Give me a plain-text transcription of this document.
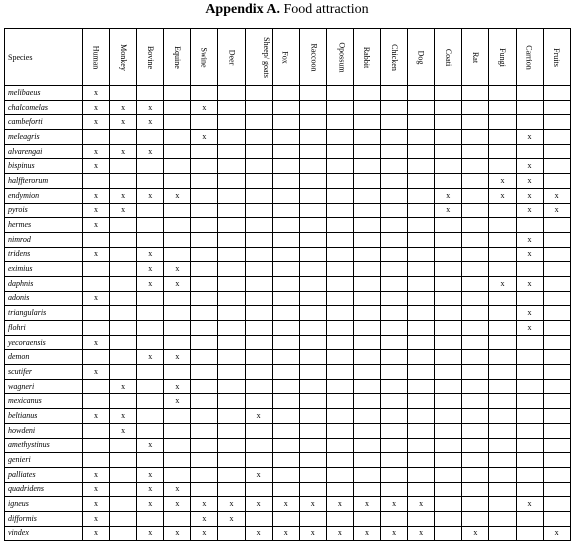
Appendix A. Food attraction
Species	Human	Monkey	Bovine	Equine	Swine	Deer	Sheep/ goats	Fox	Raccoon	Opossum	Rabbit	Chicken	Dog	Coati	Rat	Fungi	Carrion	Fruits
melibaeus	x																	
chalcomelas	x	x	x		x													
cambeforti	x	x	x															
meleagris					x												x	
alvarengai	x	x	x															
bispinus	x																x	
halffterorum																x	x	
endymion	x	x	x	x										x		x	x	x
pyrois	x	x												x			x	x
hermes	x																	
nimrod																	x	
tridens	x		x														x	
eximius			x	x														
daphnis			x	x												x	x	
adonis	x																	
triangularis																	x	
flohri																	x	
yecoraensis	x																	
demon			x	x														
scutifer	x																	
wagneri		x		x														
mexicanus				x														
beltianus	x	x					x											
howdeni		x																
amethystinus			x															
genieri																		
palliates	x		x				x											
quadridens	x		x	x														
igneus	x		x	x	x	x	x	x	x	x	x	x	x				x	
difformis	x				x	x												
vindex	x		x	x	x		x	x	x	x	x	x	x		x			x
